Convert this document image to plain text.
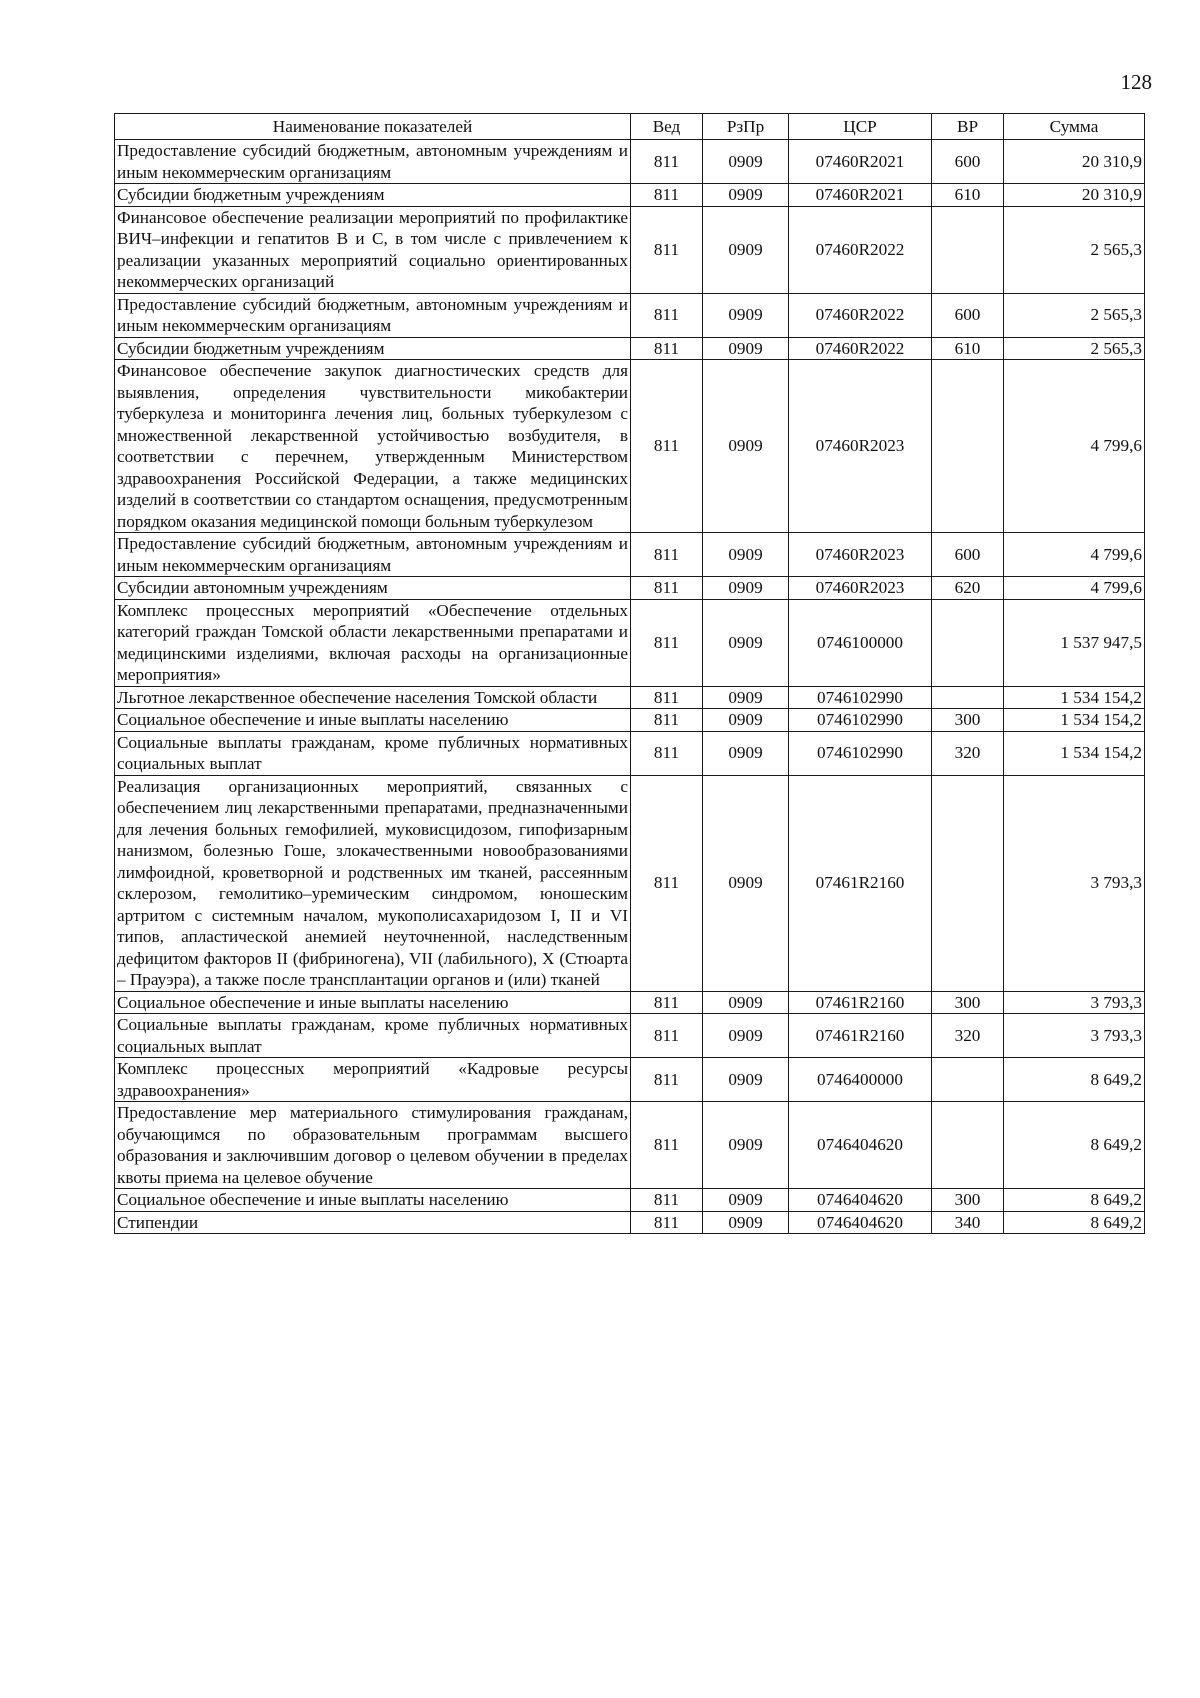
128
Наименование показателей	Вед	РзПр	ЦСР	ВР	Сумма
Предоставление субсидий бюджетным, автономным учреждениям и иным некоммерческим организациям	811	0909	07460R2021	600	20 310,9
Субсидии бюджетным учреждениям	811	0909	07460R2021	610	20 310,9
Финансовое обеспечение реализации мероприятий по профилактике ВИЧ–инфекции и гепатитов В и С, в том числе с привлечением к реализации указанных мероприятий социально ориентированных некоммерческих организаций	811	0909	07460R2022		2 565,3
Предоставление субсидий бюджетным, автономным учреждениям и иным некоммерческим организациям	811	0909	07460R2022	600	2 565,3
Субсидии бюджетным учреждениям	811	0909	07460R2022	610	2 565,3
Финансовое обеспечение закупок диагностических средств для выявления, определения чувствительности микобактерии туберкулеза и мониторинга лечения лиц, больных туберкулезом с множественной лекарственной устойчивостью возбудителя, в соответствии с перечнем, утвержденным Министерством здравоохранения Российской Федерации, а также медицинских изделий в соответствии со стандартом оснащения, предусмотренным порядком оказания медицинской помощи больным туберкулезом	811	0909	07460R2023		4 799,6
Предоставление субсидий бюджетным, автономным учреждениям и иным некоммерческим организациям	811	0909	07460R2023	600	4 799,6
Субсидии автономным учреждениям	811	0909	07460R2023	620	4 799,6
Комплекс процессных мероприятий «Обеспечение отдельных категорий граждан Томской области лекарственными препаратами и медицинскими изделиями, включая расходы на организационные мероприятия»	811	0909	0746100000		1 537 947,5
Льготное лекарственное обеспечение населения Томской области	811	0909	0746102990		1 534 154,2
Социальное обеспечение и иные выплаты населению	811	0909	0746102990	300	1 534 154,2
Социальные выплаты гражданам, кроме публичных нормативных социальных выплат	811	0909	0746102990	320	1 534 154,2
Реализация организационных мероприятий, связанных с обеспечением лиц лекарственными препаратами, предназначенными для лечения больных гемофилией, муковисцидозом, гипофизарным нанизмом, болезнью Гоше, злокачественными новообразованиями лимфоидной, кроветворной и родственных им тканей, рассеянным склерозом, гемолитико–уремическим синдромом, юношеским артритом с системным началом, мукополисахаридозом I, II и VI типов, апластической анемией неуточненной, наследственным дефицитом факторов II (фибриногена), VII (лабильного), X (Стюарта – Прауэра), а также после трансплантации органов и (или) тканей	811	0909	07461R2160		3 793,3
Социальное обеспечение и иные выплаты населению	811	0909	07461R2160	300	3 793,3
Социальные выплаты гражданам, кроме публичных нормативных социальных выплат	811	0909	07461R2160	320	3 793,3
Комплекс процессных мероприятий «Кадровые ресурсы здравоохранения»	811	0909	0746400000		8 649,2
Предоставление мер материального стимулирования гражданам, обучающимся по образовательным программам высшего образования и заключившим договор о целевом обучении в пределах квоты приема на целевое обучение	811	0909	0746404620		8 649,2
Социальное обеспечение и иные выплаты населению	811	0909	0746404620	300	8 649,2
Стипендии	811	0909	0746404620	340	8 649,2
